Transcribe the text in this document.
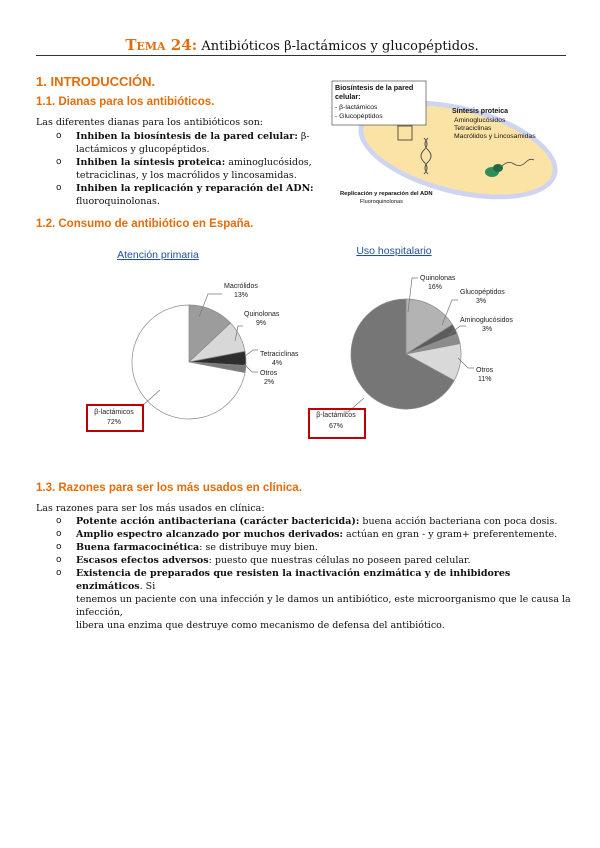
Tema 24: Antibióticos β-lactámicos y glucopéptidos.
1. INTRODUCCIÓN.
1.1. Dianas para los antibióticos.
Las diferentes dianas para los antibióticos son:
o Inhiben la biosíntesis de la pared celular: β-
lactámicos y glucopéptidos.
o Inhiben la síntesis proteica: aminoglucósidos,
tetraciclinas, y los macrólidos y lincosamidas.
o Inhiben la replicación y reparación del ADN:
fluoroquinolonas.
Biosíntesis de la pared
celular:
- β-lactámicos
- Glucopéptidos
Síntesis proteica
Aminoglucósidos
Tetraciclinas
Macrólidos y Lincosamidas
Replicación y reparación del ADN
Fluoroquinolonas
1.2. Consumo de antibiótico en España.
Atención primaria
Macrólidos
13%
Quinolonas
9%
Tetraciclinas
4%
Otros
2%
β-lactámicos
72%
Uso hospitalario
Quinolonas
16%
Glucopéptidos
3%
Aminoglucósidos
3%
Otros
11%
β-lactámicos
67%
1.3. Razones para ser los más usados en clínica.
Las razones para ser los más usados en clínica:
o Potente acción antibacteriana (carácter bactericida): buena acción bacteriana con poca dosis.
o Amplio espectro alcanzado por muchos derivados: actúan en gran - y gram+ preferentemente.
o Buena farmacocinética: se distribuye muy bien.
o Escasos efectos adversos: puesto que nuestras células no poseen pared celular.
o Existencia de preparados que resisten la inactivación enzimática y de inhibidores enzimáticos. Si
tenemos un paciente con una infección y le damos un antibiótico, este microorganismo que le causa la infección,
libera una enzima que destruye como mecanismo de defensa del antibiótico.
